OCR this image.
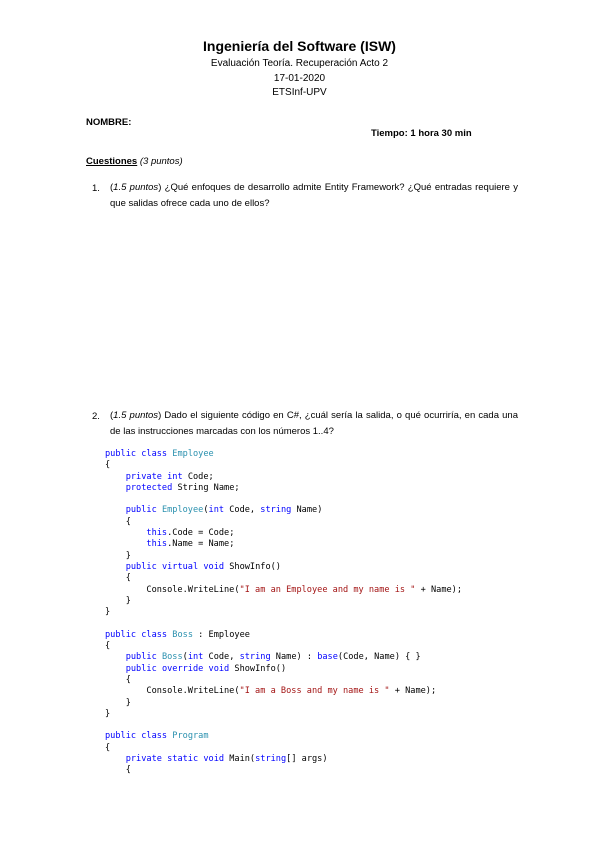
Ingeniería del Software (ISW)
Evaluación Teoría. Recuperación Acto 2
17-01-2020
ETSInf-UPV
NOMBRE:
Tiempo: 1 hora 30 min
Cuestiones (3 puntos)
1. (1.5 puntos) ¿Qué enfoques de desarrollo admite Entity Framework? ¿Qué entradas requiere y que salidas ofrece cada uno de ellos?
2. (1.5 puntos) Dado el siguiente código en C#, ¿cuál sería la salida, o qué ocurriría, en cada una de las instrucciones marcadas con los números 1..4?
public class Employee
{
private int Code;
protected String Name;

public Employee(int Code, string Name)
{
this.Code = Code;
this.Name = Name;
}
public virtual void ShowInfo()
{
Console.WriteLine("I am an Employee and my name is " + Name);
}
}

public class Boss : Employee
{
public Boss(int Code, string Name) : base(Code, Name) { }
public override void ShowInfo()
{
Console.WriteLine("I am a Boss and my name is " + Name);
}
}

public class Program
{
private static void Main(string[] args)
{
